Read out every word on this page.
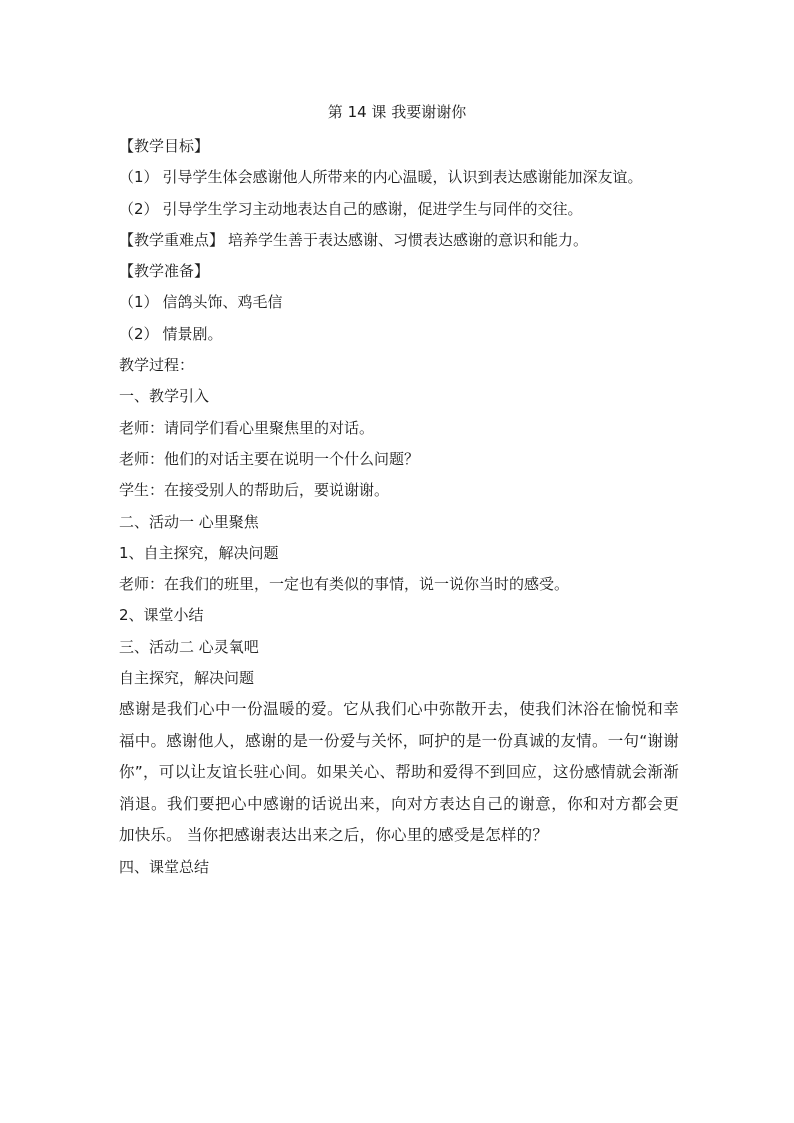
第 14 课 我要谢谢你
【教学目标】
（1） 引导学生体会感谢他人所带来的内心温暖，认识到表达感谢能加深友谊。
（2） 引导学生学习主动地表达自己的感谢，促进学生与同伴的交往。
【教学重难点】 培养学生善于表达感谢、习惯表达感谢的意识和能力。
【教学准备】
（1） 信鸽头饰、鸡毛信
（2） 情景剧。
教学过程：
一、教学引入
老师：请同学们看心里聚焦里的对话。
老师：他们的对话主要在说明一个什么问题？
学生：在接受别人的帮助后，要说谢谢。
二、活动一 心里聚焦
1、自主探究，解决问题
老师：在我们的班里，一定也有类似的事情，说一说你当时的感受。
2、课堂小结
三、活动二 心灵氧吧
自主探究，解决问题

感谢是我们心中一份温暖的爱。它从我们心中弥散开去，使我们沐浴在愉悦和幸福中。感谢他人，感谢的是一份爱与关怀，呵护的是一份真诚的友情。一句“谢谢你”，可以让友谊长驻心间。如果关心、帮助和爱得不到回应，这份感情就会渐渐消退。我们要把心中感谢的话说出来，向对方表达自己的谢意，你和对方都会更加快乐。 当你把感谢表达出来之后，你心里的感受是怎样的？

四、课堂总结
